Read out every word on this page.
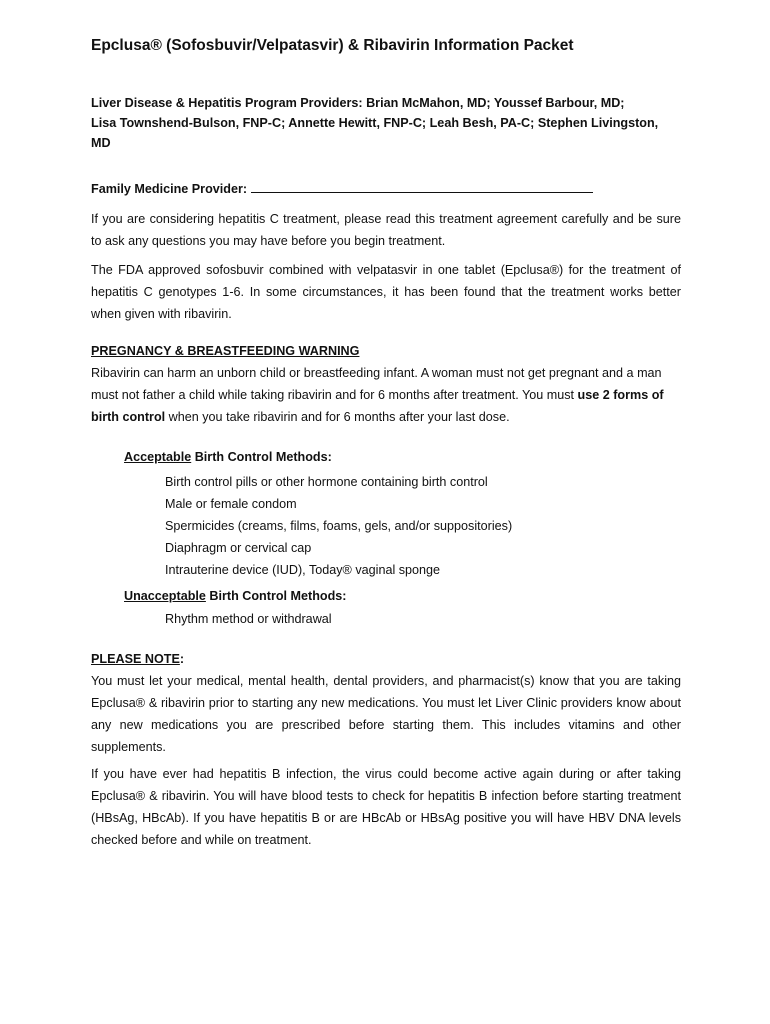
Epclusa® (Sofosbuvir/Velpatasvir) & Ribavirin Information Packet
Liver Disease & Hepatitis Program Providers: Brian McMahon, MD; Youssef Barbour, MD;
Lisa Townshend-Bulson, FNP-C; Annette Hewitt, FNP-C; Leah Besh, PA-C; Stephen Livingston, MD
Family Medicine Provider:
If you are considering hepatitis C treatment, please read this treatment agreement carefully and be sure to ask any questions you may have before you begin treatment.
The FDA approved sofosbuvir combined with velpatasvir in one tablet (Epclusa®) for the treatment of hepatitis C genotypes 1-6. In some circumstances, it has been found that the treatment works better when given with ribavirin.
PREGNANCY & BREASTFEEDING WARNING
Ribavirin can harm an unborn child or breastfeeding infant. A woman must not get pregnant and a man must not father a child while taking ribavirin and for 6 months after treatment. You must use 2 forms of birth control when you take ribavirin and for 6 months after your last dose.
Acceptable Birth Control Methods:
Birth control pills or other hormone containing birth control
Male or female condom
Spermicides (creams, films, foams, gels, and/or suppositories)
Diaphragm or cervical cap
Intrauterine device (IUD), Today® vaginal sponge
Unacceptable Birth Control Methods:
Rhythm method or withdrawal
PLEASE NOTE:
You must let your medical, mental health, dental providers, and pharmacist(s) know that you are taking Epclusa® & ribavirin prior to starting any new medications. You must let Liver Clinic providers know about any new medications you are prescribed before starting them. This includes vitamins and other supplements.
If you have ever had hepatitis B infection, the virus could become active again during or after taking Epclusa® & ribavirin. You will have blood tests to check for hepatitis B infection before starting treatment (HBsAg, HBcAb). If you have hepatitis B or are HBcAb or HBsAg positive you will have HBV DNA levels checked before and while on treatment.
